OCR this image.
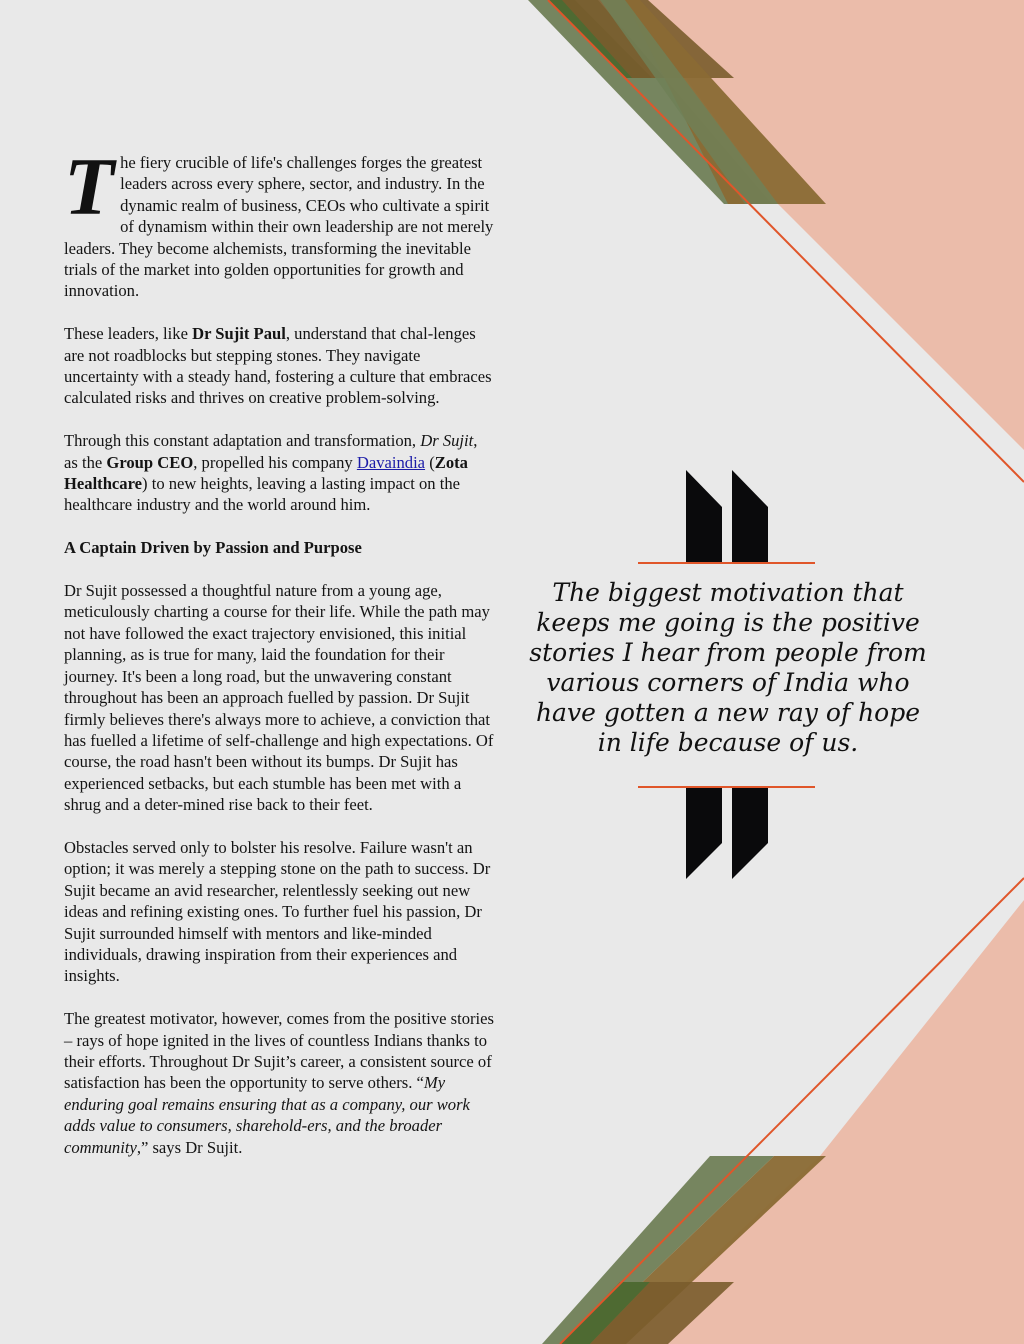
The fiery crucible of life's challenges forges the greatest leaders across every sphere, sector, and industry. In the dynamic realm of business, CEOs who cultivate a spirit of dynamism within their own leadership are not merely leaders. They become alchemists, transforming the inevitable trials of the market into golden opportunities for growth and innovation.

These leaders, like Dr Sujit Paul, understand that chal-lenges are not roadblocks but stepping stones. They navigate uncertainty with a steady hand, fostering a culture that embraces calculated risks and thrives on creative problem-solving.

Through this constant adaptation and transformation, Dr Sujit, as the Group CEO, propelled his company Davaindia (Zota Healthcare) to new heights, leaving a lasting impact on the healthcare industry and the world around him.

A Captain Driven by Passion and Purpose

Dr Sujit possessed a thoughtful nature from a young age, meticulously charting a course for their life. While the path may not have followed the exact trajectory envisioned, this initial planning, as is true for many, laid the foundation for their journey. It's been a long road, but the unwavering constant throughout has been an approach fuelled by passion. Dr Sujit firmly believes there's always more to achieve, a conviction that has fuelled a lifetime of self-challenge and high expectations. Of course, the road hasn't been without its bumps. Dr Sujit has experienced setbacks, but each stumble has been met with a shrug and a deter-mined rise back to their feet.

Obstacles served only to bolster his resolve. Failure wasn't an option; it was merely a stepping stone on the path to success. Dr Sujit became an avid researcher, relentlessly seeking out new ideas and refining existing ones. To further fuel his passion, Dr Sujit surrounded himself with mentors and like-minded individuals, drawing inspiration from their experiences and insights.

The greatest motivator, however, comes from the positive stories – rays of hope ignited in the lives of countless Indians thanks to their efforts. Throughout Dr Sujit’s career, a consistent source of satisfaction has been the opportunity to serve others. “My enduring goal remains ensuring that as a company, our work adds value to consumers, sharehold-ers, and the broader community,” says Dr Sujit.

The biggest motivation that keeps me going is the positive stories I hear from people from various corners of India who have gotten a new ray of hope in life because of us.
